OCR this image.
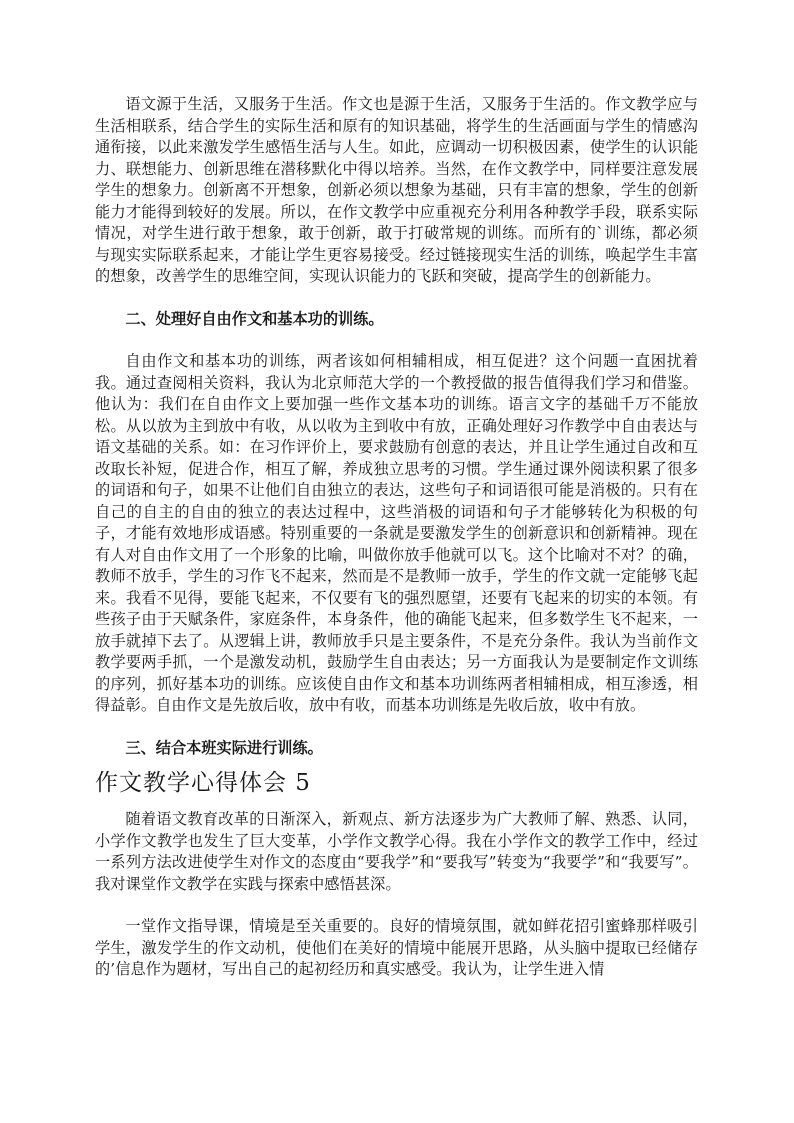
语文源于生活，又服务于生活。作文也是源于生活，又服务于生活的。作文教学应与生活相联系，结合学生的实际生活和原有的知识基础，将学生的生活画面与学生的情感沟通衔接，以此来激发学生感悟生活与人生。如此，应调动一切积极因素，使学生的认识能力、联想能力、创新思维在潜移默化中得以培养。当然，在作文教学中，同样要注意发展学生的想象力。创新离不开想象，创新必须以想象为基础，只有丰富的想象，学生的创新能力才能得到较好的发展。所以，在作文教学中应重视充分利用各种教学手段，联系实际情况，对学生进行敢于想象，敢于创新，敢于打破常规的训练。而所有的`训练，都必须与现实实际联系起来，才能让学生更容易接受。经过链接现实生活的训练，唤起学生丰富的想象，改善学生的思维空间，实现认识能力的飞跃和突破，提高学生的创新能力。

二、处理好自由作文和基本功的训练。

自由作文和基本功的训练，两者该如何相辅相成，相互促进？这个问题一直困扰着我。通过查阅相关资料，我认为北京师范大学的一个教授做的报告值得我们学习和借鉴。他认为：我们在自由作文上要加强一些作文基本功的训练。语言文字的基础千万不能放松。从以放为主到放中有收，从以收为主到收中有放，正确处理好习作教学中自由表达与语文基础的关系。如：在习作评价上，要求鼓励有创意的表达，并且让学生通过自改和互改取长补短，促进合作，相互了解，养成独立思考的习惯。学生通过课外阅读积累了很多的词语和句子，如果不让他们自由独立的表达，这些句子和词语很可能是消极的。只有在自己的自主的自由的独立的表达过程中，这些消极的词语和句子才能够转化为积极的句子，才能有效地形成语感。特别重要的一条就是要激发学生的创新意识和创新精神。现在有人对自由作文用了一个形象的比喻，叫做你放手他就可以飞。这个比喻对不对？的确，教师不放手，学生的习作飞不起来，然而是不是教师一放手，学生的作文就一定能够飞起来。我看不见得，要能飞起来，不仅要有飞的强烈愿望，还要有飞起来的切实的本领。有些孩子由于天赋条件，家庭条件，本身条件，他的确能飞起来，但多数学生飞不起来，一放手就掉下去了。从逻辑上讲，教师放手只是主要条件，不是充分条件。我认为当前作文教学要两手抓，一个是激发动机，鼓励学生自由表达；另一方面我认为是要制定作文训练的序列，抓好基本功的训练。应该使自由作文和基本功训练两者相辅相成，相互渗透，相得益彰。自由作文是先放后收，放中有收，而基本功训练是先收后放，收中有放。

三、结合本班实际进行训练。

作文教学心得体会 5

随着语文教育改革的日渐深入，新观点、新方法逐步为广大教师了解、熟悉、认同，小学作文教学也发生了巨大变革，小学作文教学心得。我在小学作文的教学工作中，经过一系列方法改进使学生对作文的态度由“要我学”和“要我写”转变为“我要学”和“我要写”。我对课堂作文教学在实践与探索中感悟甚深。

一堂作文指导课，情境是至关重要的。良好的情境氛围，就如鲜花招引蜜蜂那样吸引学生，激发学生的作文动机，使他们在美好的情境中能展开思路，从头脑中提取已经储存的’信息作为题材，写出自己的起初经历和真实感受。我认为，让学生进入情
